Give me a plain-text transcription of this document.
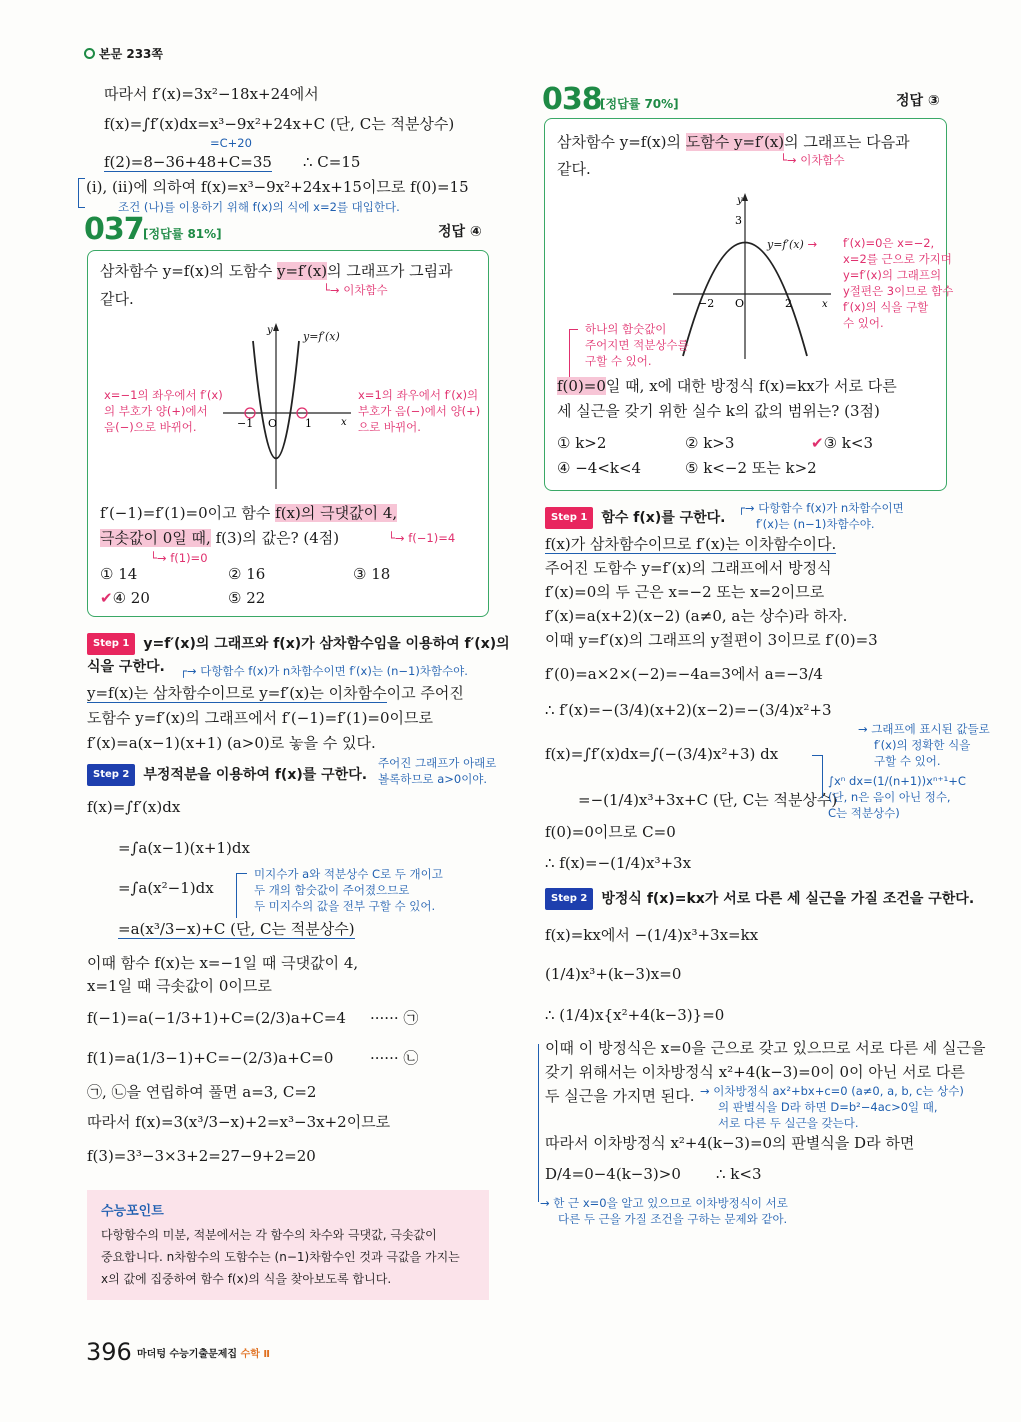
본문 233쪽
따라서 f′(x)=3x²−18x+24에서
f(x)=∫f′(x)dx=x³−9x²+24x+C (단, C는 적분상수)
=C+20
f(2)=8−36+48+C=35 ∴ C=15
(i), (ii)에 의하여 f(x)=x³−9x²+24x+15이므로 f(0)=15
조건 (나)를 이용하기 위해 f(x)의 식에 x=2를 대입한다.
037 [정답률 81%]	정답 ④
삼차함수 y=f(x)의 도함수 y=f′(x)의 그래프가 그림과
└→ 이차함수
같다.
y
x
O
−1	1
y=f′(x)
x=−1의 좌우에서 f′(x)
의 부호가 양(+)에서
음(−)으로 바뀌어.
x=1의 좌우에서 f′(x)의
부호가 음(−)에서 양(+)
으로 바뀌어.
f′(−1)=f′(1)=0이고 함수 f(x)의 극댓값이 4,
└→ f(−1)=4
극솟값이 0일 때, f(3)의 값은? (4점)
└→ f(1)=0
① 14	② 16	③ 18
✔④ 20	⑤ 22
Step 1 y=f′(x)의 그래프와 f(x)가 삼차함수임을 이용하여 f′(x)의
식을 구한다. ┌→ 다항함수 f(x)가 n차함수이면 f′(x)는 (n−1)차함수야.
y=f(x)는 삼차함수이므로 y=f′(x)는 이차함수이고 주어진
도함수 y=f′(x)의 그래프에서 f′(−1)=f′(1)=0이므로
f′(x)=a(x−1)(x+1) (a>0)로 놓을 수 있다.
주어진 그래프가 아래로
볼록하므로 a>0이야.
Step 2 부정적분을 이용하여 f(x)를 구한다.
f(x)=∫f′(x)dx
=∫a(x−1)(x+1)dx
=∫a(x²−1)dx
=a(x³/3−x)+C (단, C는 적분상수)
미지수가 a와 적분상수 C로 두 개이고
두 개의 함숫값이 주어졌으므로
두 미지수의 값을 전부 구할 수 있어.
이때 함수 f(x)는 x=−1일 때 극댓값이 4,
x=1일 때 극솟값이 0이므로
f(−1)=a(−1/3+1)+C=(2/3)a+C=4 ······ ㉠
f(1)=a(1/3−1)+C=−(2/3)a+C=0 ······ ㉡
㉠, ㉡을 연립하여 풀면 a=3, C=2
따라서 f(x)=3(x³/3−x)+2=x³−3x+2이므로
f(3)=3³−3×3+2=27−9+2=20
수능포인트
다항함수의 미분, 적분에서는 각 함수의 차수와 극댓값, 극솟값이
중요합니다. n차함수의 도함수는 (n−1)차함수인 것과 극값을 가지는
x의 값에 집중하여 함수 f(x)의 식을 찾아보도록 합니다.
396 마더텅 수능기출문제집 수학 Ⅱ
038
[정답률 70%]	정답 ③
삼차함수 y=f(x)의 도함수 y=f′(x)의 그래프는 다음과
└→ 이차함수
같다.
y
x
3
O
−2	2
y=f′(x) → f′(x)=0은 x=−2,
x=2를 근으로 가지며
y=f′(x)의 그래프의
y절편은 3이므로 함수
f′(x)의 식을 구할
수 있어.
하나의 함숫값이
주어지면 적분상수를
구할 수 있어.
f(0)=0일 때, x에 대한 방정식 f(x)=kx가 서로 다른
세 실근을 갖기 위한 실수 k의 값의 범위는? (3점)
① k>2	② k>3	✔③ k<3
④ −4<k<4	⑤ k<−2 또는 k>2
Step 1 함수 f(x)를 구한다.
┌→ 다항함수 f(x)가 n차함수이면
f′(x)는 (n−1)차함수야.
f(x)가 삼차함수이므로 f′(x)는 이차함수이다.
주어진 도함수 y=f′(x)의 그래프에서 방정식
f′(x)=0의 두 근은 x=−2 또는 x=2이므로
f′(x)=a(x+2)(x−2) (a≠0, a는 상수)라 하자.
이때 y=f′(x)의 그래프의 y절편이 3이므로 f′(0)=3
f′(0)=a×2×(−2)=−4a=3에서 a=−3/4
∴ f′(x)=−(3/4)(x+2)(x−2)=−(3/4)x²+3
→ 그래프에 표시된 값들로
f′(x)의 정확한 식을
구할 수 있어.
f(x)=∫f′(x)dx=∫(−(3/4)x²+3) dx
=−(1/4)x³+3x+C (단, C는 적분상수)
∫xⁿ dx=(1/(n+1))xⁿ⁺¹+C
(단, n은 음이 아닌 정수,
C는 적분상수)
f(0)=0이므로 C=0
∴ f(x)=−(1/4)x³+3x
Step 2 방정식 f(x)=kx가 서로 다른 세 실근을 가질 조건을 구한다.
f(x)=kx에서 −(1/4)x³+3x=kx
(1/4)x³+(k−3)x=0
∴ (1/4)x{x²+4(k−3)}=0
이때 이 방정식은 x=0을 근으로 갖고 있으므로 서로 다른 세 실근을
갖기 위해서는 이차방정식 x²+4(k−3)=0이 0이 아닌 서로 다른
두 실근을 가지면 된다. → 이차방정식 ax²+bx+c=0 (a≠0, a, b, c는 상수)
의 판별식을 D라 하면 D=b²−4ac>0일 때,
서로 다른 두 실근을 갖는다.
따라서 이차방정식 x²+4(k−3)=0의 판별식을 D라 하면
D/4=0−4(k−3)>0 ∴ k<3
→ 한 근 x=0을 알고 있으므로 이차방정식이 서로
다른 두 근을 가질 조건을 구하는 문제와 같아.
